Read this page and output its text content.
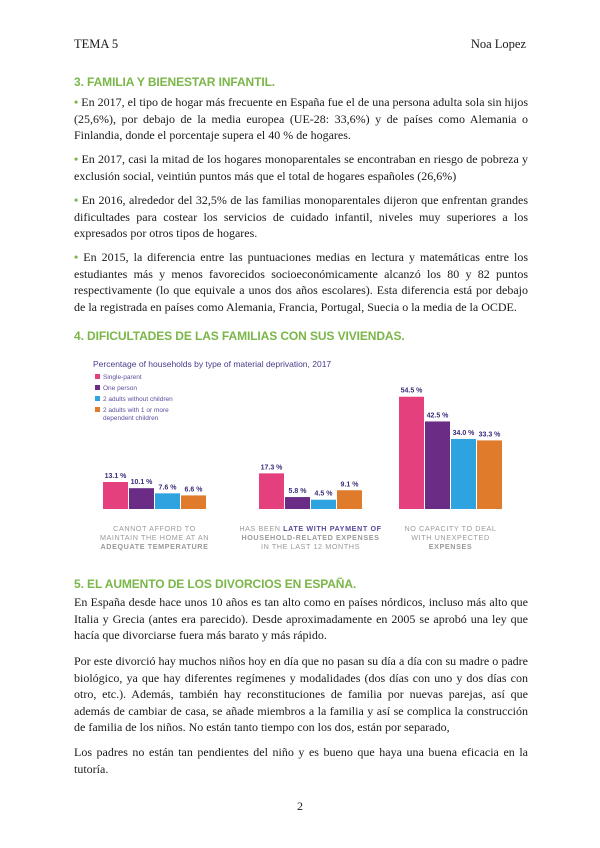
TEMA 5	Noa Lopez
3. FAMILIA Y BIENESTAR INFANTIL.

• En 2017, el tipo de hogar más frecuente en España fue el de una persona adulta sola sin hijos (25,6%), por debajo de la media europea (UE-28: 33,6%) y de países como Alemania o Finlandia, donde el porcentaje supera el 40 % de hogares.

• En 2017, casi la mitad de los hogares monoparentales se encontraban en riesgo de pobreza y exclusión social, veintiún puntos más que el total de hogares españoles (26,6%)

• En 2016, alrededor del 32,5% de las familias monoparentales dijeron que enfrentan grandes dificultades para costear los servicios de cuidado infantil, niveles muy superiores a los expresados por otros tipos de hogares.

• En 2015, la diferencia entre las puntuaciones medias en lectura y matemáticas entre los estudiantes más y menos favorecidos socioeconómicamente alcanzó los 80 y 82 puntos respectivamente (lo que equivale a unos dos años escolares). Esta diferencia está por debajo de la registrada en países como Alemania, Francia, Portugal, Suecia o la media de la OCDE.

4. DIFICULTADES DE LAS FAMILIAS CON SUS VIVIENDAS.
Percentage of households by type of material deprivation, 2017
Single-parent
One person
2 adults without children
2 adults with 1 or more
dependent children
13.1 %
10.1 %
7.6 % 6.6 %
17.3 %
5.8 % 4.5 %
9.1 %
54.5 %
42.5 %
34.0 % 33.3 %
CANNOT AFFORD TO
MAINTAIN THE HOME AT AN
ADEQUATE TEMPERATURE
HAS BEEN LATE WITH PAYMENT OF
HOUSEHOLD-RELATED EXPENSES
IN THE LAST 12 MONTHS
NO CAPACITY TO DEAL
WITH UNEXPECTED
EXPENSES
5. EL AUMENTO DE LOS DIVORCIOS EN ESPAÑA.

En España desde hace unos 10 años es tan alto como en países nórdicos, incluso más alto que Italia y Grecia (antes era parecido). Desde aproximadamente en 2005 se aprobó una ley que hacía que divorciarse fuera más barato y más rápido.

Por este divorció hay muchos niños hoy en día que no pasan su día a día con su madre o padre biológico, ya que hay diferentes regímenes y modalidades (dos días con uno y dos días con otro, etc.). Además, también hay reconstituciones de familia por nuevas parejas, así que además de cambiar de casa, se añade miembros a la familia y así se complica la construcción de familia de los niños. No están tanto tiempo con los dos, están por separado,

Los padres no están tan pendientes del niño y es bueno que haya una buena eficacia en la tutoría.

2
